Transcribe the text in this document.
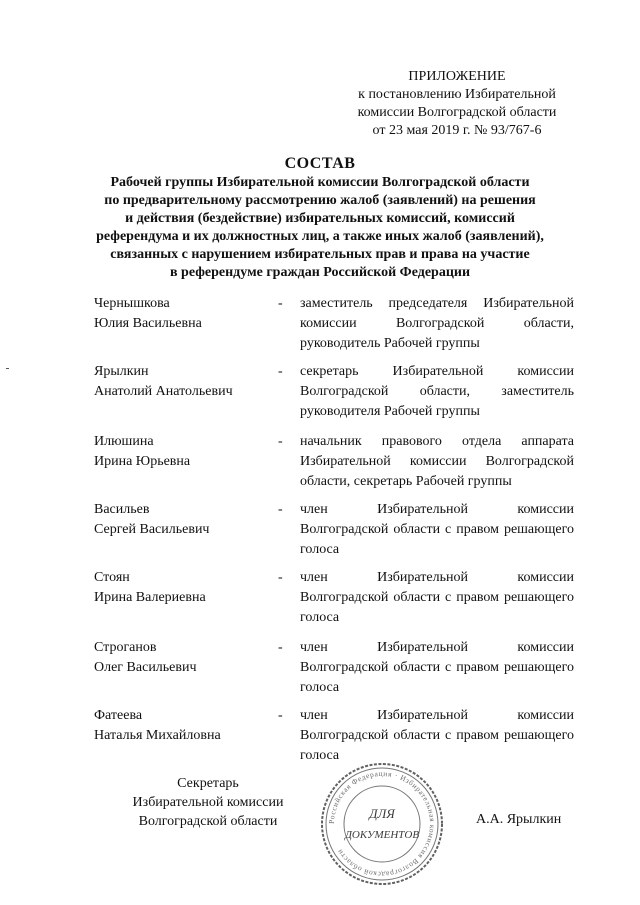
ПРИЛОЖЕНИЕ
к постановлению Избирательной
комиссии Волгоградской области
от 23 мая 2019 г. № 93/767-6
СОСТАВ
Рабочей группы Избирательной комиссии Волгоградской области
по предварительному рассмотрению жалоб (заявлений) на решения
и действия (бездействие) избирательных комиссий, комиссий
референдума и их должностных лиц, а также иных жалоб (заявлений),
связанных с нарушением избирательных прав и права на участие
в референдуме граждан Российской Федерации
Чернышкова
Юлия Васильевна
- заместитель председателя Избирательной комиссии Волгоградской области, руководитель Рабочей группы
Ярылкин
Анатолий Анатольевич
- секретарь Избирательной комиссии Волгоградской области, заместитель руководителя Рабочей группы
Илюшина
Ирина Юрьевна
- начальник правового отдела аппарата Избирательной комиссии Волгоградской области, секретарь Рабочей группы
Васильев
Сергей Васильевич
- член Избирательной комиссии Волгоградской области с правом решающего голоса
Стоян
Ирина Валериевна
- член Избирательной комиссии Волгоградской области с правом решающего голоса
Строганов
Олег Васильевич
- член Избирательной комиссии Волгоградской области с правом решающего голоса
Фатеева
Наталья Михайловна
- член Избирательной комиссии Волгоградской области с правом решающего голоса
Секретарь
Избирательной комиссии
Волгоградской области	Российская Федерация · Избирательная комиссия Волгоградской области
ДЛЯ
ДОКУМЕНТОВ
А.А. Ярылкин
